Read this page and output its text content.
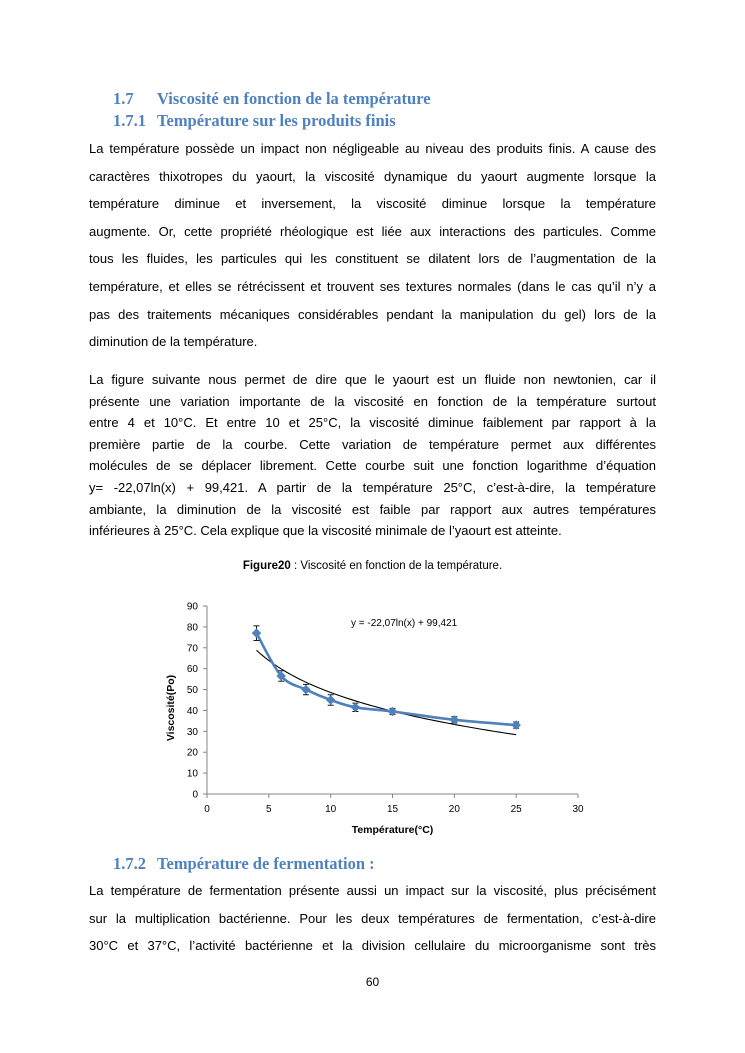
1.7 Viscosité en fonction de la température
1.7.1 Température sur les produits finis
La température possède un impact non négligeable au niveau des produits finis. A cause des
caractères thixotropes du yaourt, la viscosité dynamique du yaourt augmente lorsque la
température diminue et inversement, la viscosité diminue lorsque la température
augmente. Or, cette propriété rhéologique est liée aux interactions des particules. Comme
tous les fluides, les particules qui les constituent se dilatent lors de l’augmentation de la
température, et elles se rétrécissent et trouvent ses textures normales (dans le cas qu’il n’y a
pas des traitements mécaniques considérables pendant la manipulation du gel) lors de la
diminution de la température.
La figure suivante nous permet de dire que le yaourt est un fluide non newtonien, car il
présente une variation importante de la viscosité en fonction de la température surtout
entre 4 et 10°C. Et entre 10 et 25°C, la viscosité diminue faiblement par rapport à la
première partie de la courbe. Cette variation de température permet aux différentes
molécules de se déplacer librement. Cette courbe suit une fonction logarithme d’équation
y= -22,07ln(x) + 99,421. A partir de la température 25°C, c’est-à-dire, la température
ambiante, la diminution de la viscosité est faible par rapport aux autres températures
inférieures à 25°C. Cela explique que la viscosité minimale de l’yaourt est atteinte.
Figure20 : Viscosité en fonction de la température.
0
10
20
30
40
50
60
70
80
90
0	5	10	15	20	25	30
Température(°C)
Viscosité(Po)
y = -22,07ln(x) + 99,421
1.7.2 Température de fermentation :
La température de fermentation présente aussi un impact sur la viscosité, plus précisément
sur la multiplication bactérienne. Pour les deux températures de fermentation, c’est-à-dire
30°C et 37°C, l’activité bactérienne et la division cellulaire du microorganisme sont très
60
